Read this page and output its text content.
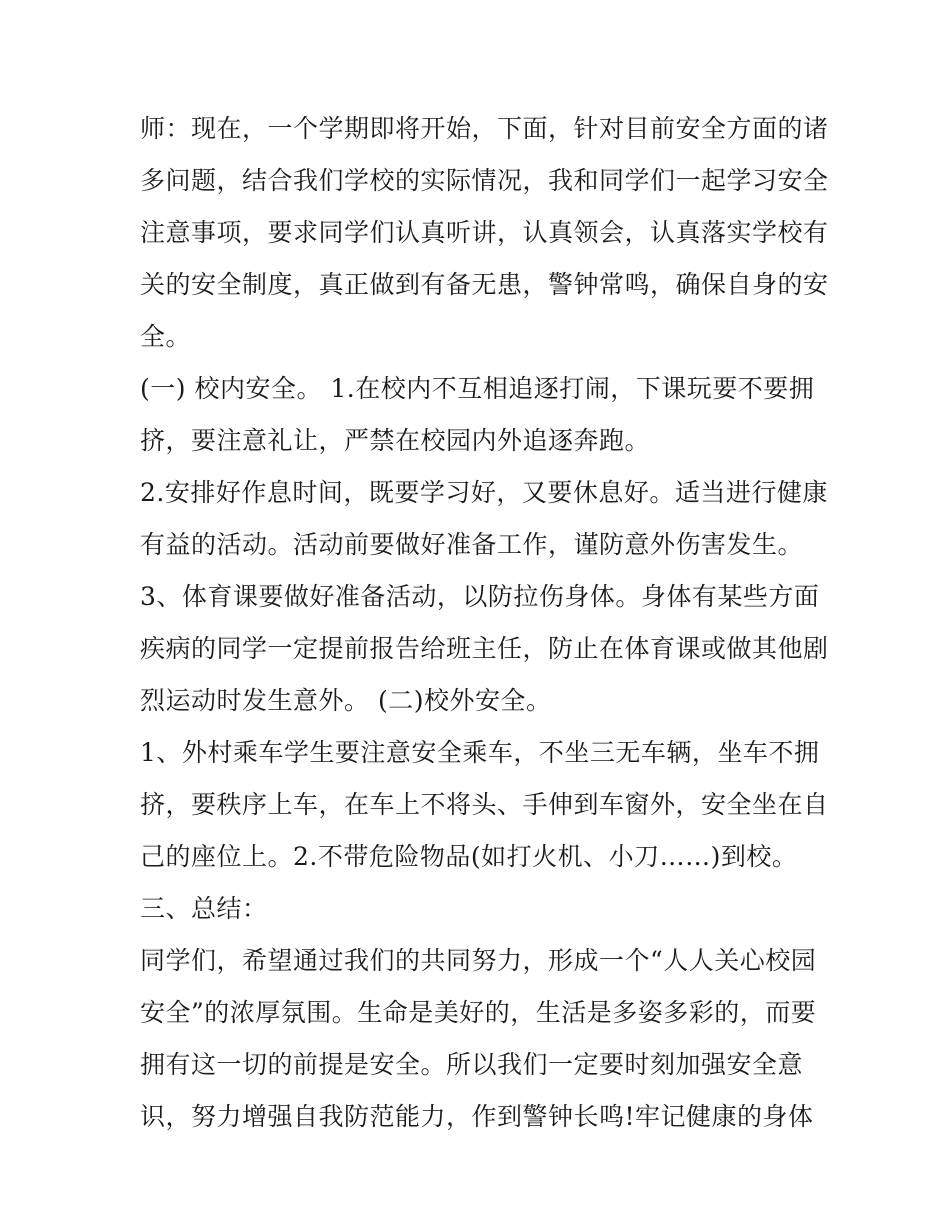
师：现在，一个学期即将开始，下面，针对目前安全方面的诸多问题，结合我们学校的实际情况，我和同学们一起学习安全注意事项，要求同学们认真听讲，认真领会，认真落实学校有关的安全制度，真正做到有备无患，警钟常鸣，确保自身的安全。

(一) 校内安全。 1.在校内不互相追逐打闹，下课玩要不要拥挤，要注意礼让，严禁在校园内外追逐奔跑。

2.安排好作息时间，既要学习好，又要休息好。适当进行健康有益的活动。活动前要做好准备工作，谨防意外伤害发生。

3、体育课要做好准备活动，以防拉伤身体。身体有某些方面疾病的同学一定提前报告给班主任，防止在体育课或做其他剧烈运动时发生意外。 (二)校外安全。

1、外村乘车学生要注意安全乘车，不坐三无车辆，坐车不拥挤，要秩序上车，在车上不将头、手伸到车窗外，安全坐在自己的座位上。2.不带危险物品(如打火机、小刀……)到校。

三、总结：

同学们，希望通过我们的共同努力，形成一个“人人关心校园安全”的浓厚氛围。生命是美好的，生活是多姿多彩的，而要拥有这一切的前提是安全。所以我们一定要时刻加强安全意识，努力增强自我防范能力，作到警钟长鸣!牢记健康的身体
